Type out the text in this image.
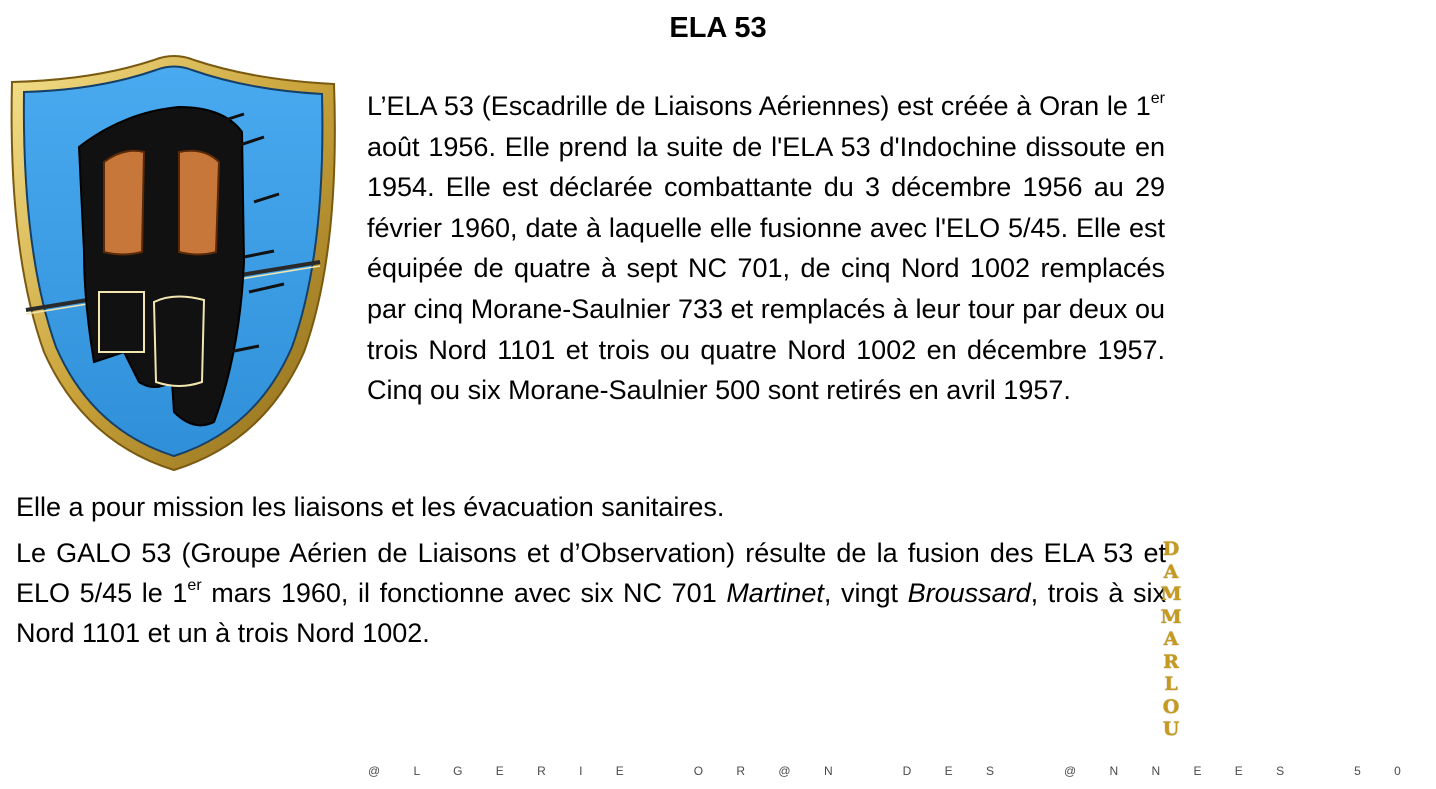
ELA 53
L’ELA 53 (Escadrille de Liaisons Aériennes) est créée à Oran le 1er août 1956. Elle prend la suite de l'ELA 53 d'Indochine dissoute en 1954. Elle est déclarée combattante du 3 décembre 1956 au 29 février 1960, date à laquelle elle fusionne avec l'ELO 5/45. Elle est équipée de quatre à sept NC 701, de cinq Nord 1002 remplacés par cinq Morane-Saulnier 733 et remplacés à leur tour par deux ou trois Nord 1101 et trois ou quatre Nord 1002 en décembre 1957. Cinq ou six Morane-Saulnier 500 sont retirés en avril 1957.
Elle a pour mission les liaisons et les évacuation sanitaires.
Le GALO 53 (Groupe Aérien de Liaisons et d’Observation) résulte de la fusion des ELA 53 et ELO 5/45 le 1er mars 1960, il fonctionne avec six NC 701 Martinet, vingt Broussard, trois à six Nord 1101 et un à trois Nord 1002.
@ L G E R I E   O R @ N   D E S   @ N N E E S   5 0
D
A
M
M
A
R
L
O
U
